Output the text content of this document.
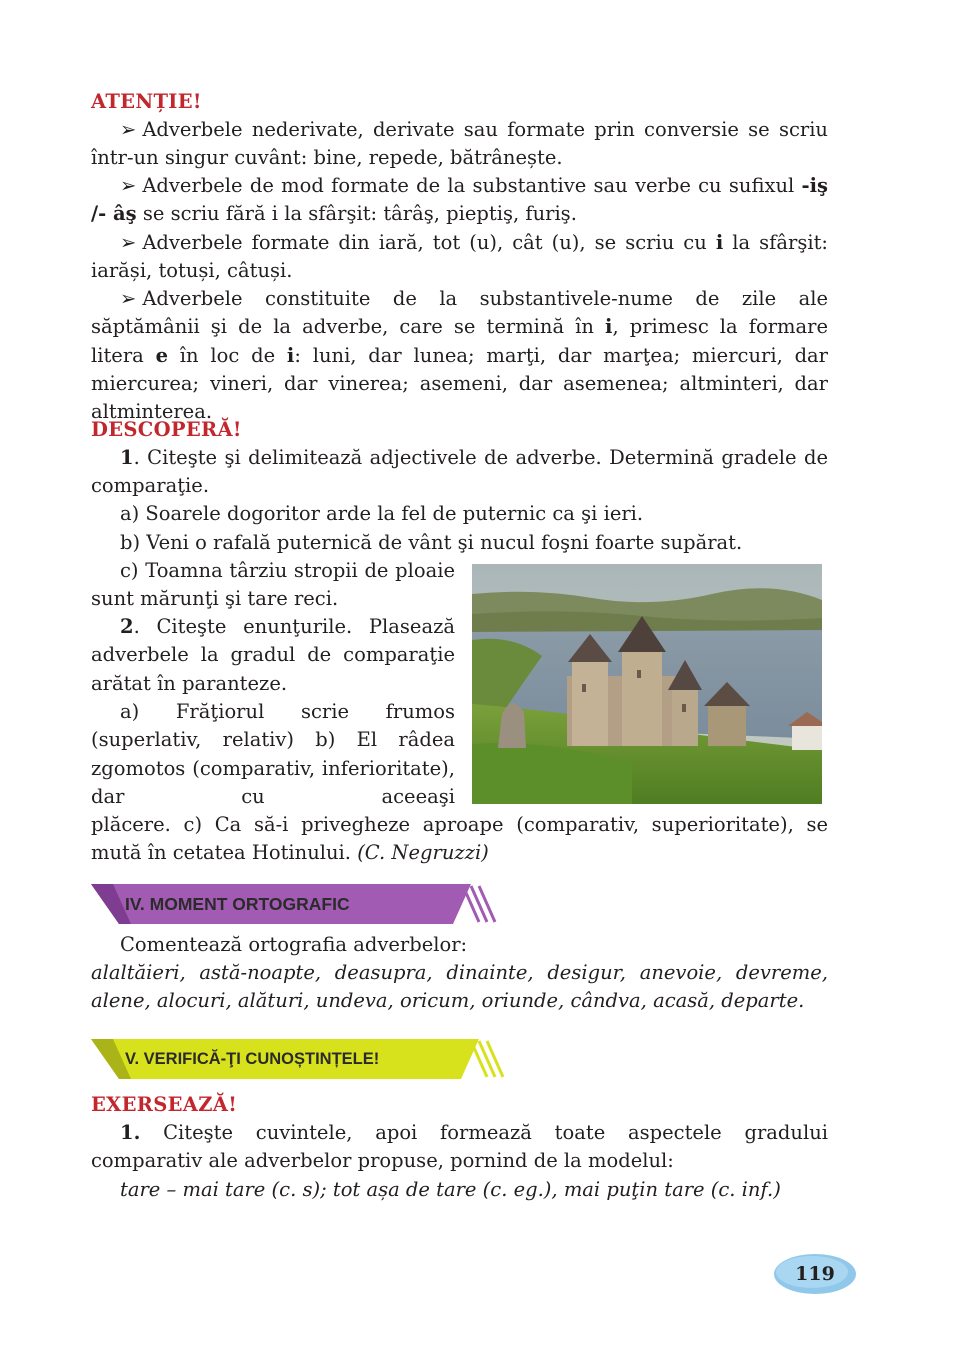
ATENȚIE!
➢ Adverbele nederivate, derivate sau formate prin conversie se scriu într-un singur cuvânt: bine, repede, bătrânește.
➢ Adverbele de mod formate de la substantive sau verbe cu sufixul -iş /- âş se scriu fără i la sfârşit: târâş, pieptiş, furiş.
➢ Adverbele formate din iară, tot (u), cât (u), se scriu cu i la sfârşit: iarăși, totuși, câtuși.
➢ Adverbele constituite de la substantivele-nume de zile ale săptămânii şi de la adverbe, care se termină în i, primesc la formare litera e în loc de i: luni, dar lunea; marţi, dar marţea; miercuri, dar miercurea; vineri, dar vinerea; asemeni, dar asemenea; altminteri, dar altminterea.
DESCOPERĂ!
1. Citeşte şi delimitează adjectivele de adverbe. Determină gradele de comparaţie.
a) Soarele dogoritor arde la fel de puternic ca şi ieri.
b) Veni o rafală puternică de vânt şi nucul foşni foarte supărat.
c) Toamna târziu stropii de ploaie sunt mărunţi şi tare reci.
2. Citeşte enunţurile. Plasează adverbele la gradul de comparaţie arătat în paranteze.
a) Frăţiorul scrie frumos (superlativ, relativ) b) El râdea zgomotos (comparativ, inferioritate), dar cu aceeaşi
plăcere. c) Ca să-i privegheze aproape (comparativ, superioritate), se mută în cetatea Hotinului. (C. Negruzzi)
IV. MOMENT ORTOGRAFIC
Comentează ortografia adverbelor:
alaltăieri, astă-noapte, deasupra, dinainte, desigur, anevoie, devreme, alene, alocuri, alături, undeva, oricum, oriunde, cândva, acasă, departe.
V. VERIFICĂ-ŢI CUNOȘTINȚELE!
EXERSEAZĂ!
1. Citeşte cuvintele, apoi formează toate aspectele gradului comparativ ale adverbelor propuse, pornind de la modelul:
tare – mai tare (c. s); tot așa de tare (c. eg.), mai puţin tare (c. inf.)
119
